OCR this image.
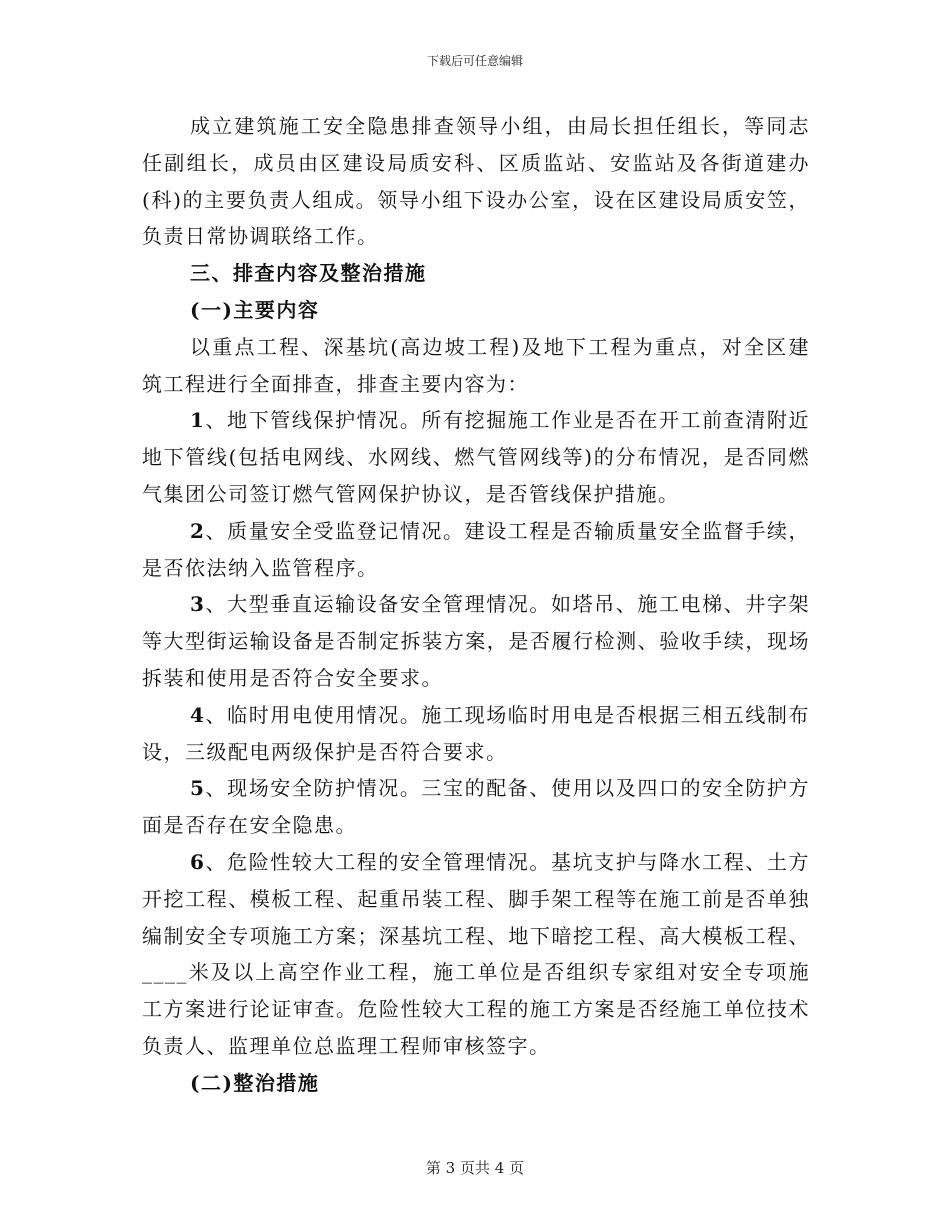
下载后可任意编辑

成立建筑施工安全隐患排查领导小组，由局长担任组长，等同志任副组长，成员由区建设局质安科、区质监站、安监站及各街道建办(科)的主要负责人组成。领导小组下设办公室，设在区建设局质安笠，负责日常协调联络工作。

三、排查内容及整治措施

(一)主要内容

以重点工程、深基坑(高边坡工程)及地下工程为重点，对全区建筑工程进行全面排查，排查主要内容为：

1、地下管线保护情况。所有挖掘施工作业是否在开工前查清附近地下管线(包括电网线、水网线、燃气管网线等)的分布情况，是否同燃气集团公司签订燃气管网保护协议，是否管线保护措施。

2、质量安全受监登记情况。建设工程是否输质量安全监督手续，是否依法纳入监管程序。

3、大型垂直运输设备安全管理情况。如塔吊、施工电梯、井字架等大型街运输设备是否制定拆装方案，是否履行检测、验收手续，现场拆装和使用是否符合安全要求。

4、临时用电使用情况。施工现场临时用电是否根据三相五线制布设，三级配电两级保护是否符合要求。

5、现场安全防护情况。三宝的配备、使用以及四口的安全防护方面是否存在安全隐患。

6、危险性较大工程的安全管理情况。基坑支护与降水工程、土方开挖工程、模板工程、起重吊装工程、脚手架工程等在施工前是否单独编制安全专项施工方案；深基坑工程、地下暗挖工程、高大模板工程、____米及以上高空作业工程，施工单位是否组织专家组对安全专项施工方案进行论证审查。危险性较大工程的施工方案是否经施工单位技术负责人、监理单位总监理工程师审核签字。

(二)整治措施

第 3 页共 4 页
